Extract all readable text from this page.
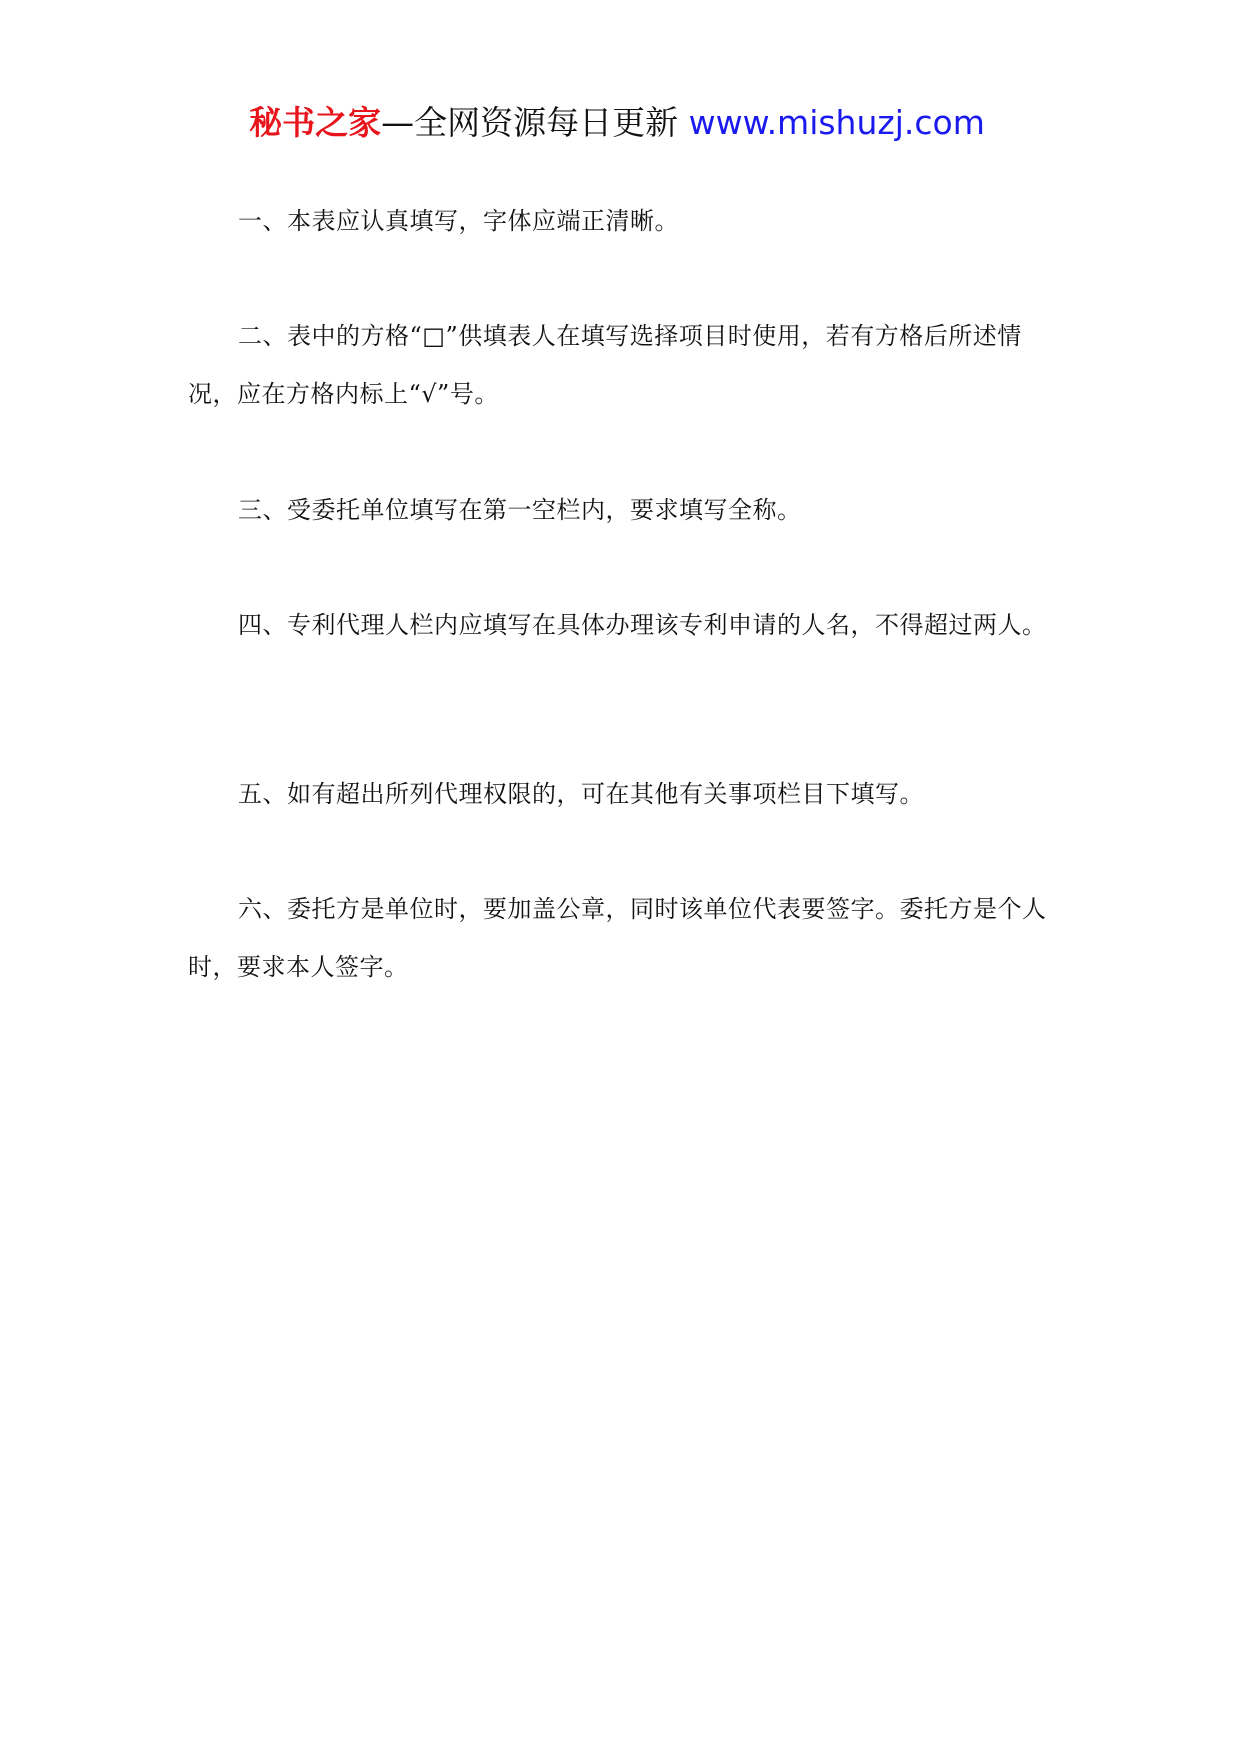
秘书之家—全网资源每日更新 www.mishuzj.com

一、本表应认真填写，字体应端正清晰。

二、表中的方格“□”供填表人在填写选择项目时使用，若有方格后所述情况，应在方格内标上“√”号。

三、受委托单位填写在第一空栏内，要求填写全称。

四、专利代理人栏内应填写在具体办理该专利申请的人名，不得超过两人。

五、如有超出所列代理权限的，可在其他有关事项栏目下填写。

六、委托方是单位时，要加盖公章，同时该单位代表要签字。委托方是个人时，要求本人签字。
